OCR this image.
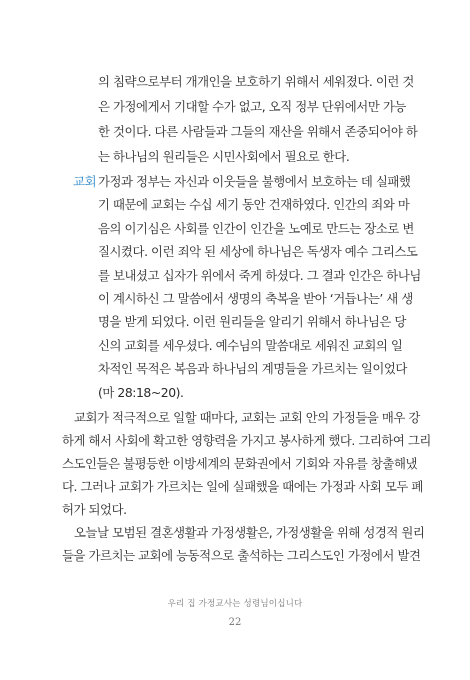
의 침략으로부터 개개인을 보호하기 위해서 세워졌다. 이런 것
은 가정에게서 기대할 수가 없고, 오직 정부 단위에서만 가능
한 것이다. 다른 사람들과 그들의 재산을 위해서 존중되어야 하
는 하나님의 원리들은 시민사회에서 필요로 한다.
교회 가정과 정부는 자신과 이웃들을 불행에서 보호하는 데 실패했
기 때문에 교회는 수십 세기 동안 건재하였다. 인간의 죄와 마
음의 이기심은 사회를 인간이 인간을 노예로 만드는 장소로 변
질시켰다. 이런 죄악 된 세상에 하나님은 독생자 예수 그리스도
를 보내셨고 십자가 위에서 죽게 하셨다. 그 결과 인간은 하나님
이 계시하신 그 말씀에서 생명의 축복을 받아 ‘거듭나는’ 새 생
명을 받게 되었다. 이런 원리들을 알리기 위해서 하나님은 당
신의 교회를 세우셨다. 예수님의 말씀대로 세워진 교회의 일
차적인 목적은 복음과 하나님의 계명들을 가르치는 일이었다
(마 28:18~20).
교회가 적극적으로 일할 때마다, 교회는 교회 안의 가정들을 매우 강
하게 해서 사회에 확고한 영향력을 가지고 봉사하게 했다. 그리하여 그리
스도인들은 불평등한 이방세계의 문화권에서 기회와 자유를 창출해냈
다. 그러나 교회가 가르치는 일에 실패했을 때에는 가정과 사회 모두 폐
허가 되었다.
오늘날 모범된 결혼생활과 가정생활은, 가정생활을 위해 성경적 원리
들을 가르치는 교회에 능동적으로 출석하는 그리스도인 가정에서 발견
우리 집 가정교사는 성령님이십니다
22
